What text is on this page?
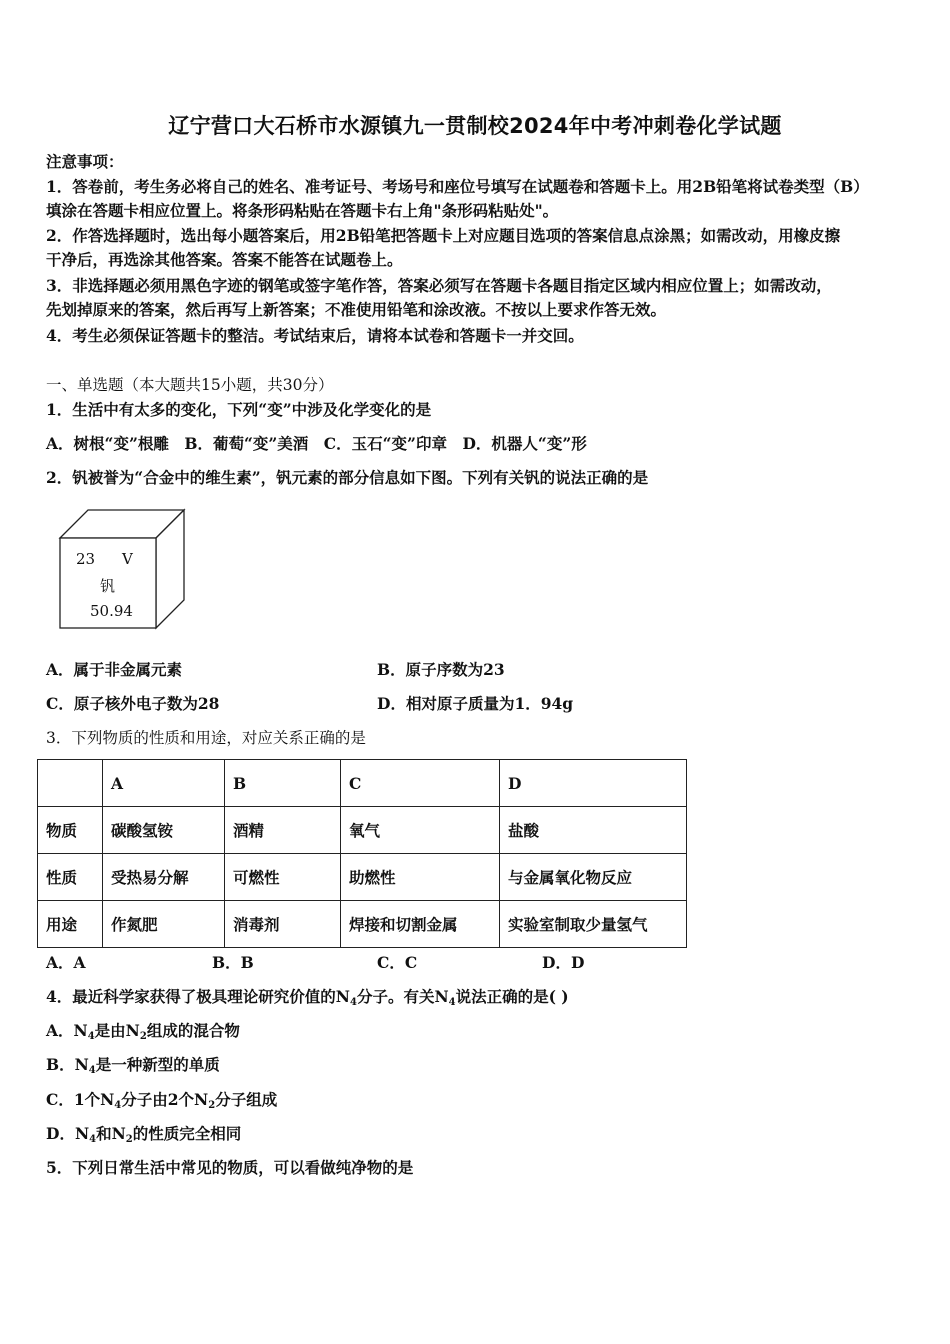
辽宁营口大石桥市水源镇九一贯制校2024年中考冲刺卷化学试题
注意事项：
1．答卷前，考生务必将自己的姓名、准考证号、考场号和座位号填写在试题卷和答题卡上。用2B铅笔将试卷类型（B）
填涂在答题卡相应位置上。将条形码粘贴在答题卡右上角"条形码粘贴处"。
2．作答选择题时，选出每小题答案后，用2B铅笔把答题卡上对应题目选项的答案信息点涂黑；如需改动，用橡皮擦
干净后，再选涂其他答案。答案不能答在试题卷上。
3．非选择题必须用黑色字迹的钢笔或签字笔作答，答案必须写在答题卡各题目指定区域内相应位置上；如需改动，
先划掉原来的答案，然后再写上新答案；不准使用铅笔和涂改液。不按以上要求作答无效。
4．考生必须保证答题卡的整洁。考试结束后，请将本试卷和答题卡一并交回。
一、单选题（本大题共15小题，共30分）
1．生活中有太多的变化，下列“变”中涉及化学变化的是
A．树根“变”根雕　B．葡萄“变”美酒　C．玉石“变”印章　D．机器人“变”形
2．钒被誉为“合金中的维生素”，钒元素的部分信息如下图。下列有关钒的说法正确的是
23 V
钒
50.94
A．属于非金属元素	B．原子序数为23
C．原子核外电子数为28	D．相对原子质量为1．94g
3．下列物质的性质和用途，对应关系正确的是
	A	B	C	D
物质	碳酸氢铵	酒精	氧气	盐酸
性质	受热易分解	可燃性	助燃性	与金属氧化物反应
用途	作氮肥	消毒剂	焊接和切割金属	实验室制取少量氢气
A．A	B．B	C．C	D．D
4．最近科学家获得了极具理论研究价值的$N_4$分子。有关$N_4$说法正确的是( )
A．$N_4$是由$N_2$组成的混合物
B．$N_4$是一种新型的单质
C．1个$N_4$分子由2个$N_2$分子组成
D．$N_4$和$N_2$的性质完全相同
5．下列日常生活中常见的物质，可以看做纯净物的是
